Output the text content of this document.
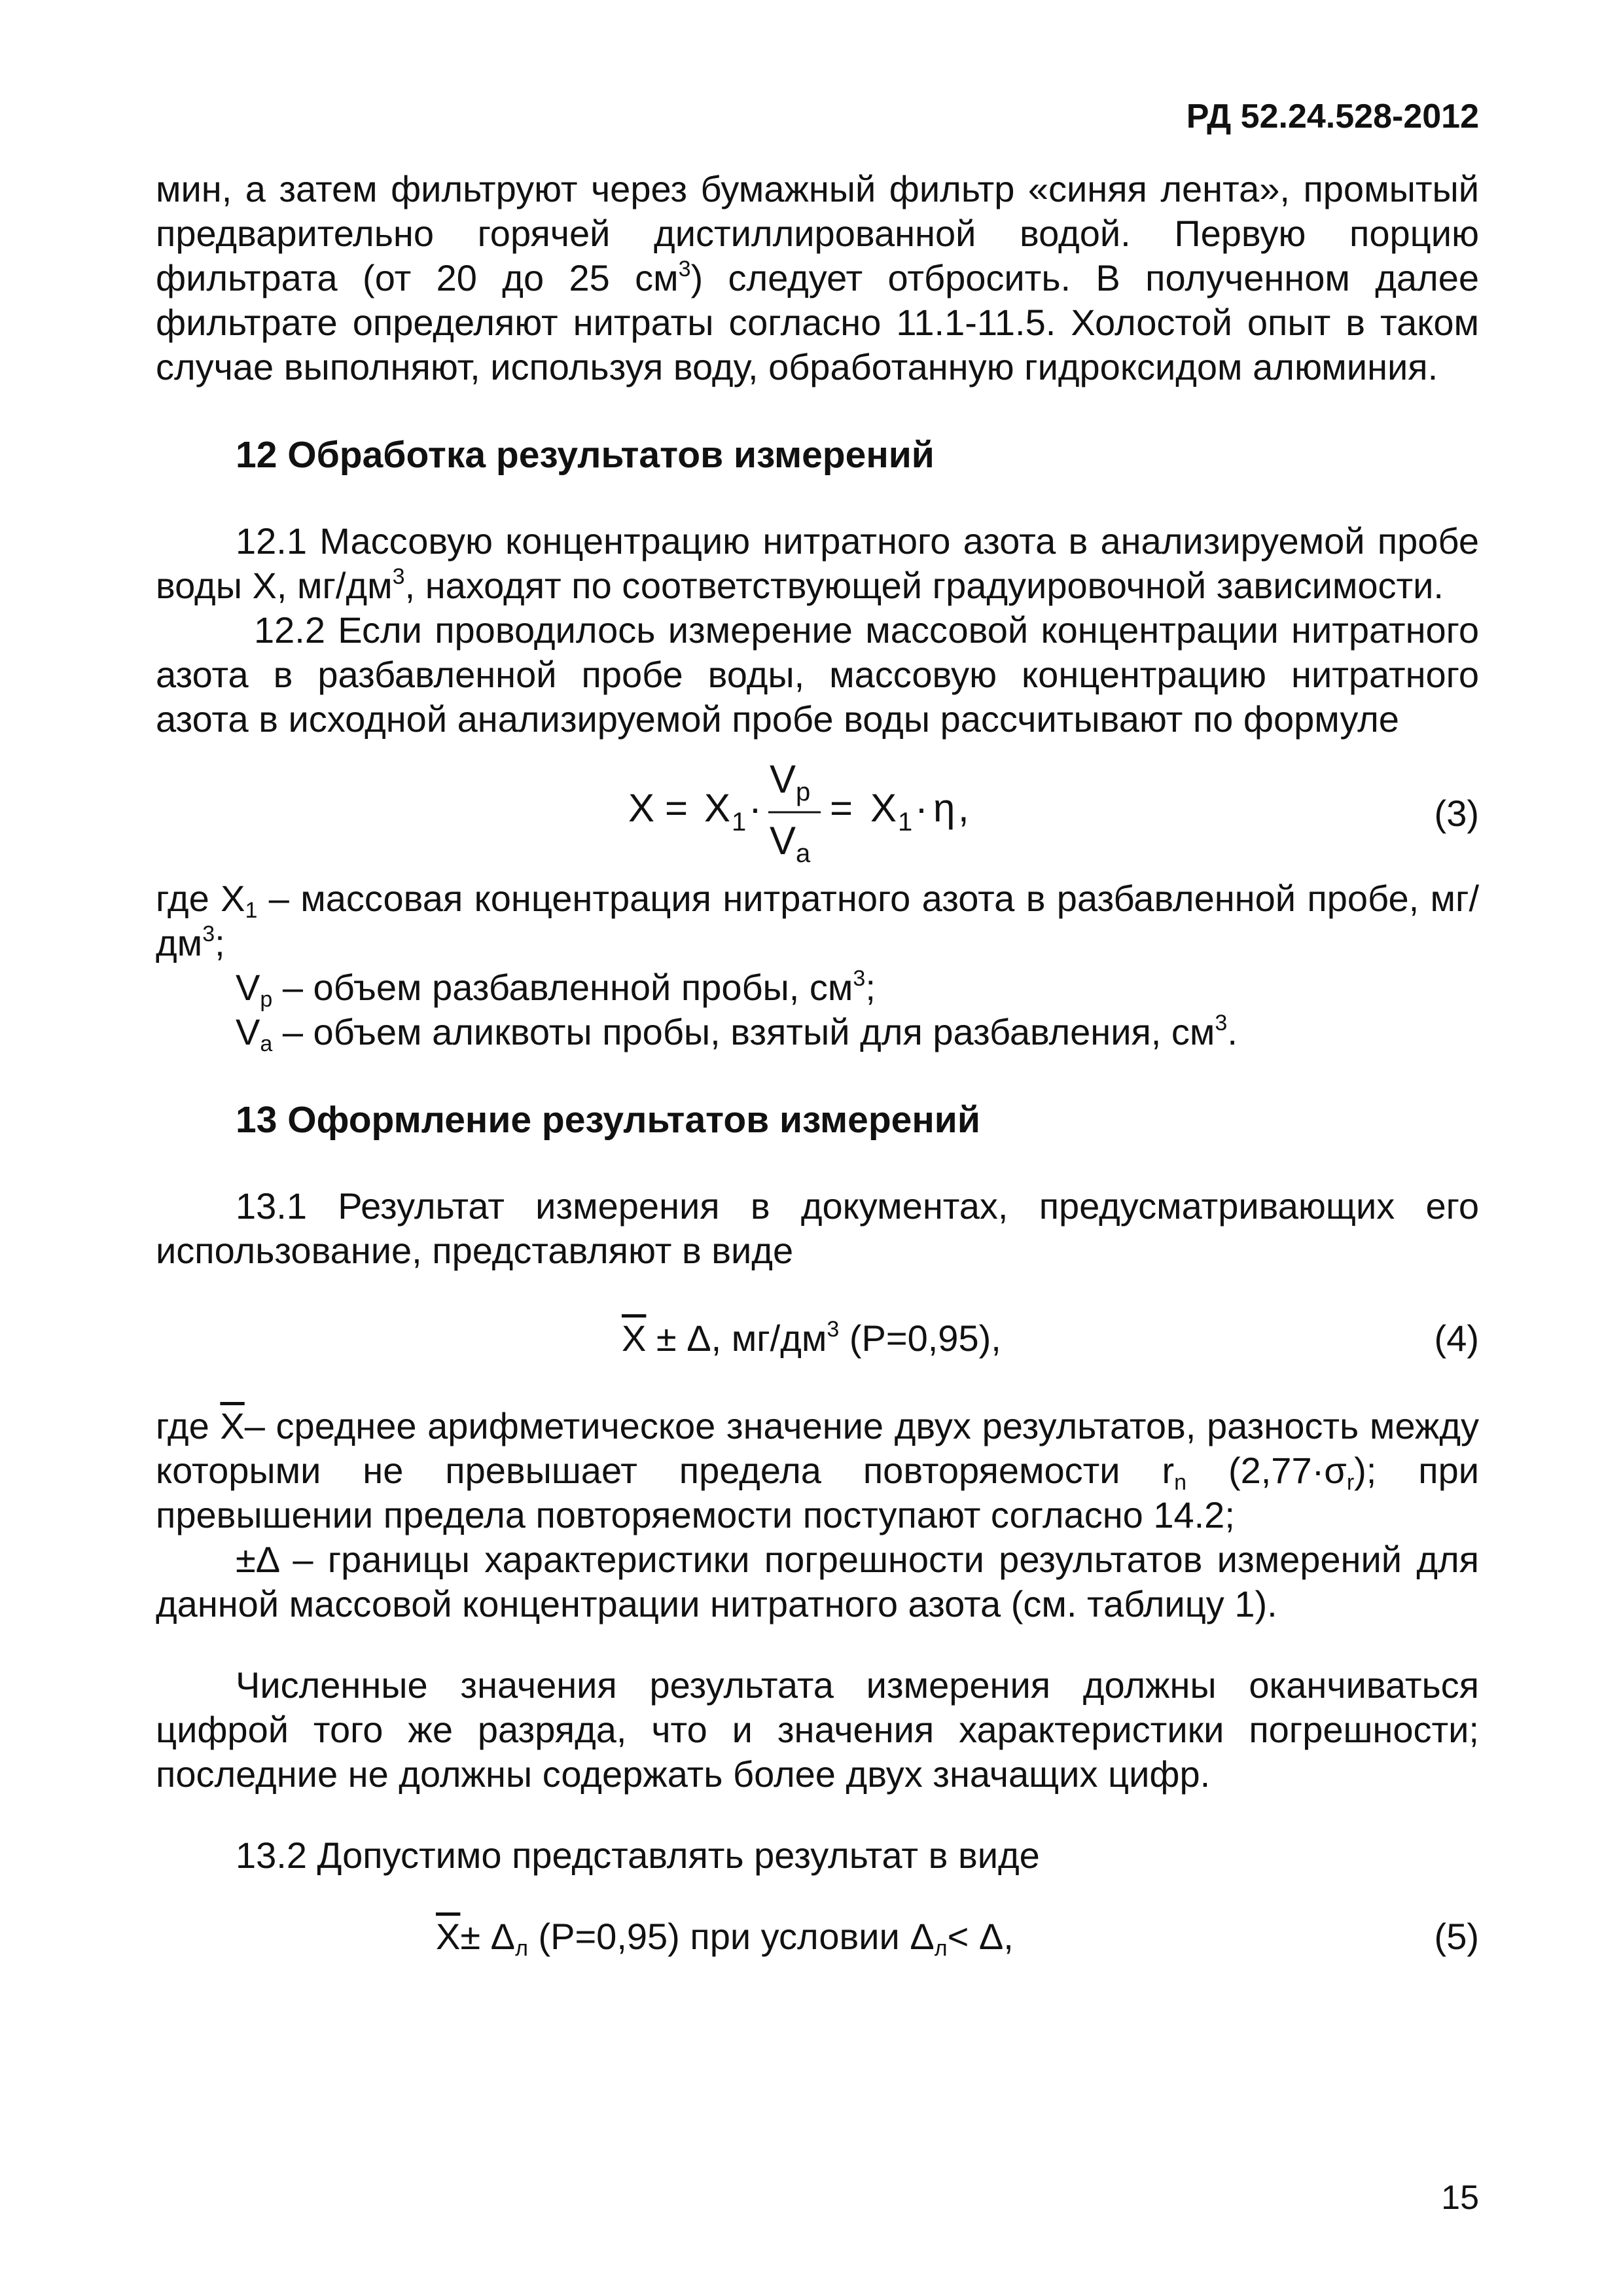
РД 52.24.528-2012

мин, а затем фильтруют через бумажный фильтр «синяя лента», промытый предварительно горячей дистиллированной водой. Первую порцию фильтрата (от 20 до 25 $см^3$) следует отбросить. В полученном далее фильтрате определяют нитраты согласно 11.1-11.5. Холостой опыт в таком случае выполняют, используя воду, обработанную гидроксидом алюминия.

12 Обработка результатов измерений

12.1 Массовую концентрацию нитратного азота в анализируемой пробе воды X, $мг/дм^3$, находят по соответствующей градуировочной зависимости.

12.2 Если проводилось измерение массовой концентрации нитратного азота в разбавленной пробе воды, массовую концентрацию нитратного азота в исходной анализируемой пробе воды рассчитывают по формуле

X = X 1 ·
V p
V a
= X 1 · η ,	(3)

где $X_1$ – массовая концентрация нитратного азота в разбавленной пробе, $мг/дм^3$;

$V_p$ – объем разбавленной пробы, $см^3$;

$V_a$ – объем аликвоты пробы, взятый для разбавления, $см^3$.

13 Оформление результатов измерений

13.1 Результат измерения в документах, предусматривающих его использование, представляют в виде

$\overline{X} \pm \Delta$, $мг/дм^3$ (P=0,95),	(4)

где $\overline{X}-$ среднее арифметическое значение двух результатов, разность между которыми не превышает предела повторяемости $r_n$ $(2,77\cdot\sigma_r)$; при превышении предела повторяемости поступают согласно 14.2;

±Δ – границы характеристики погрешности результатов измерений для данной массовой концентрации нитратного азота (см. таблицу 1).

Численные значения результата измерения должны оканчиваться цифрой того же разряда, что и значения характеристики погрешности; последние не должны содержать более двух значащих цифр.

13.2 Допустимо представлять результат в виде

$\overline{X}\pm \Delta_л$ (P=0,95) при условии $\Delta_л< \Delta$,	(5)
15
